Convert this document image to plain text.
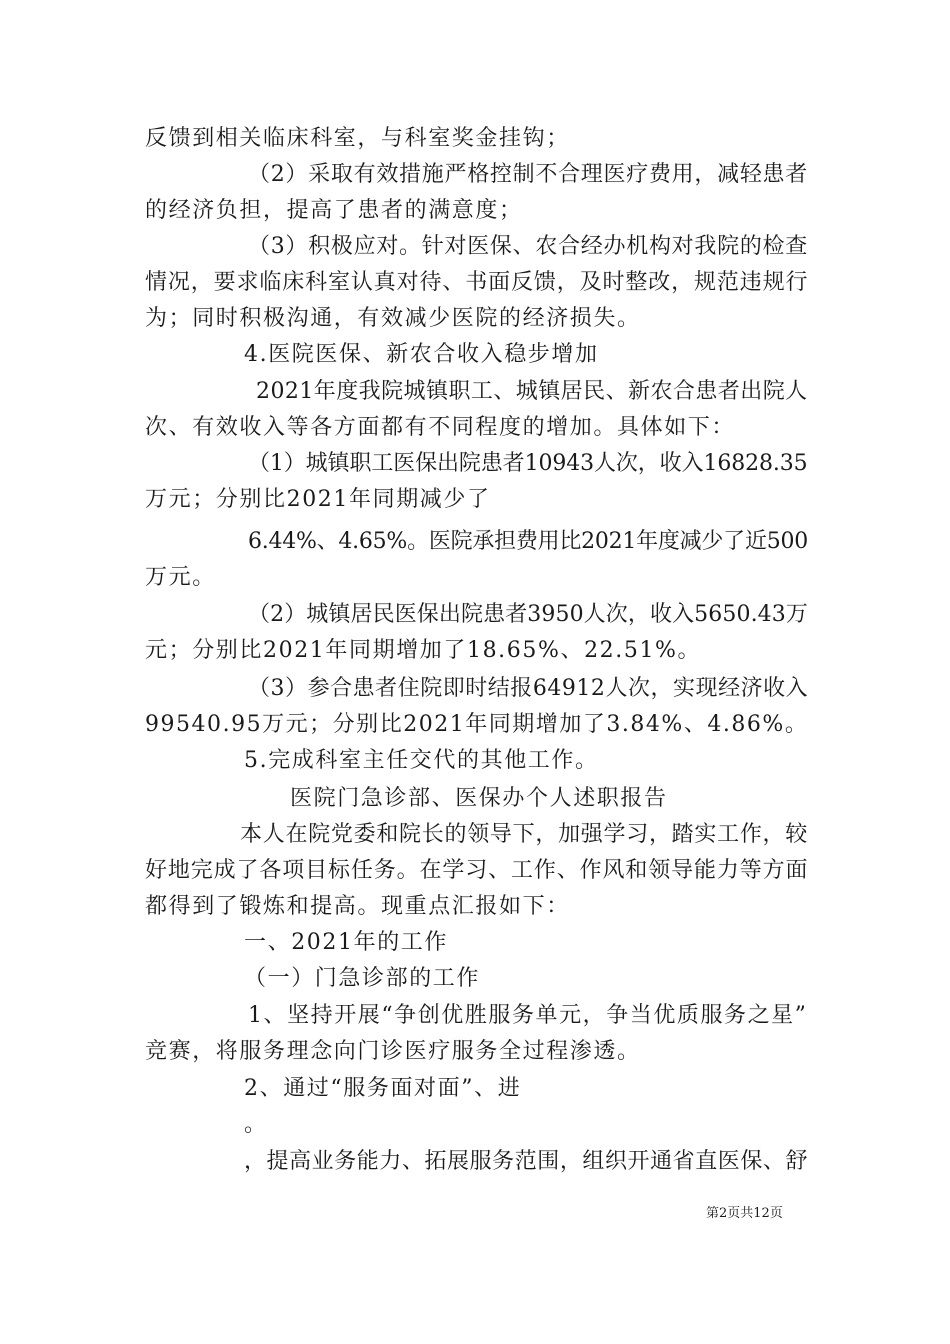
反馈到相关临床科室，与科室奖金挂钩；
（2）采取有效措施严格控制不合理医疗费用，减轻患者
的经济负担，提高了患者的满意度；
（3）积极应对。针对医保、农合经办机构对我院的检查
情况，要求临床科室认真对待、书面反馈，及时整改，规范违规行
为；同时积极沟通，有效减少医院的经济损失。
4.医院医保、新农合收入稳步增加
2021年度我院城镇职工、城镇居民、新农合患者出院人
次、有效收入等各方面都有不同程度的增加。具体如下：
（1）城镇职工医保出院患者10943人次，收入16828.35
万元；分别比2021年同期减少了
6.44%、4.65%。医院承担费用比2021年度减少了近500
万元。
（2）城镇居民医保出院患者3950人次，收入5650.43万
元；分别比2021年同期增加了18.65%、22.51%。
（3）参合患者住院即时结报64912人次，实现经济收入
99540.95万元；分别比2021年同期增加了3.84%、4.86%。
5.完成科室主任交代的其他工作。
医院门急诊部、医保办个人述职报告
本人在院党委和院长的领导下，加强学习，踏实工作，较
好地完成了各项目标任务。在学习、工作、作风和领导能力等方面
都得到了锻炼和提高。现重点汇报如下：
一、2021年的工作
（一）门急诊部的工作
1、坚持开展“争创优胜服务单元，争当优质服务之星”
竞赛，将服务理念向门诊医疗服务全过程渗透。
2、通过“服务面对面”、进
。
，提高业务能力、拓展服务范围，组织开通省直医保、舒
第2页共12页
